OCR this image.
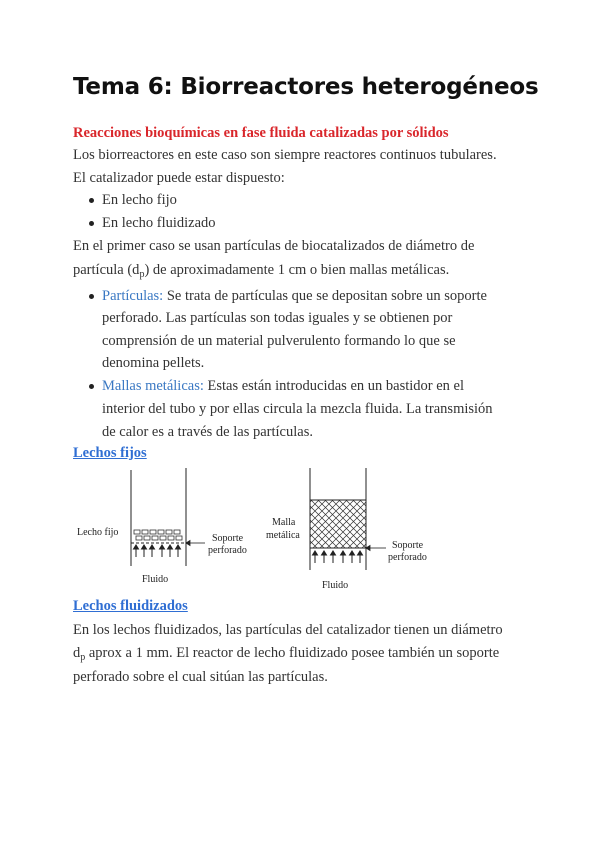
Tema 6: Biorreactores heterogéneos
Reacciones bioquímicas en fase fluida catalizadas por sólidos
Los biorreactores en este caso son siempre reactores continuos tubulares.
El catalizador puede estar dispuesto:
En lecho fijo
En lecho fluidizado
En el primer caso se usan partículas de biocatalizados de diámetro de
partícula $(d_p)$ de aproximadamente 1 cm o bien mallas metálicas.
Partículas: Se trata de partículas que se depositan sobre un soporte
perforado. Las partículas son todas iguales y se obtienen por
comprensión de un material pulverulento formando lo que se
denomina pellets.
Mallas metálicas: Estas están introducidas en un bastidor en el
interior del tubo y por ellas circula la mezcla fluida. La transmisión
de calor es a través de las partículas.
Lechos fijos
Lecho fijo
Soporte
perforado
Fluido
Malla
metálica
Soporte
perforado
Fluido
Lechos fluidizados
En los lechos fluidizados, las partículas del catalizador tienen un diámetro
$d_p$ aprox a 1 mm. El reactor de lecho fluidizado posee también un soporte
perforado sobre el cual sitúan las partículas.
